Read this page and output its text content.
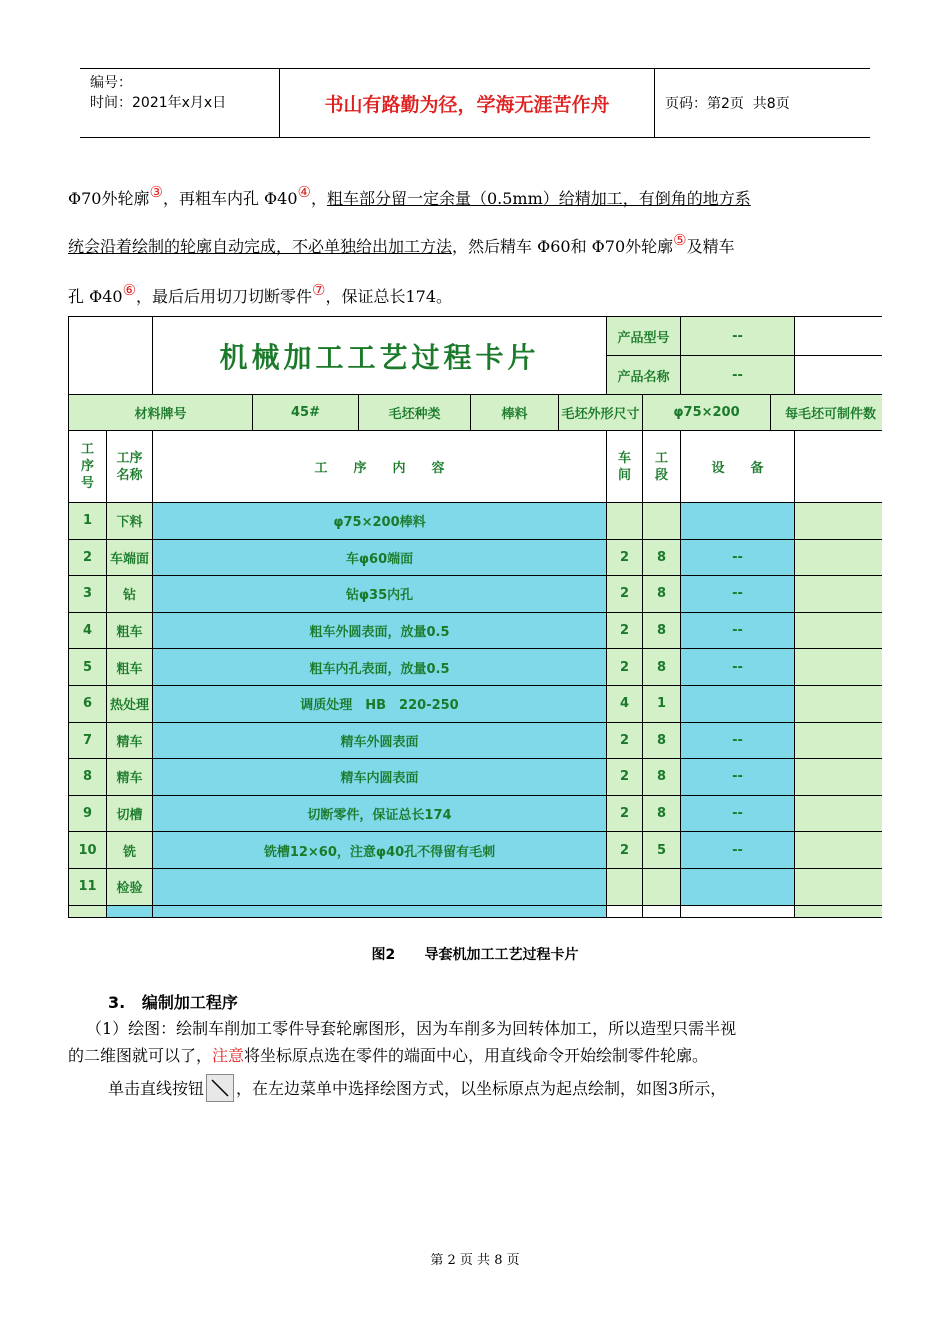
编号：
时间：2021年x月x日	书山有路勤为径，学海无涯苦作舟	页码：第2页  共8页
Φ70外轮廓③，再粗车内孔 Φ40④，粗车部分留一定余量（0.5mm）给精加工，有倒角的地方系
统会沿着绘制的轮廓自动完成，不必单独给出加工方法，然后精车 Φ60和 Φ70外轮廓⑤及精车
孔 Φ40⑥，最后后用切刀切断零件⑦，保证总长174。
		机械加工工艺过程卡片					产品型号		--		
							产品名称		--		
材料牌号			45#	毛坯种类	棒料	毛坯外形尺寸		φ75×200		每毛坯可制件数	
工序号	工序名称	工　　序　　内　　容					车间	工段	设　　备		
1	下料	φ75×200棒料									
2	车端面	车φ60端面					2	8	--		
3	钻	钻φ35内孔					2	8	--		
4	粗车	粗车外圆表面，放量0.5					2	8	--		
5	粗车	粗车内孔表面，放量0.5					2	8	--		
6	热处理	调质处理　HB　220-250					4	1			
7	精车	精车外圆表面					2	8	--		
8	精车	精车内圆表面					2	8	--		
9	切槽	切断零件，保证总长174					2	8	--		
10	铣	铣槽12×60，注意φ40孔不得留有毛刺					2	5	--		
11	检验										

图2      导套机加工工艺过程卡片
3.   编制加工程序
（1）绘图：绘制车削加工零件导套轮廓图形，因为车削多为回转体加工，所以造型只需半视
的二维图就可以了，注意将坐标原点选在零件的端面中心，用直线命令开始绘制零件轮廓。
单击直线按钮 ，在左边菜单中选择绘图方式，以坐标原点为起点绘制，如图3所示，
第 2 页 共 8 页
